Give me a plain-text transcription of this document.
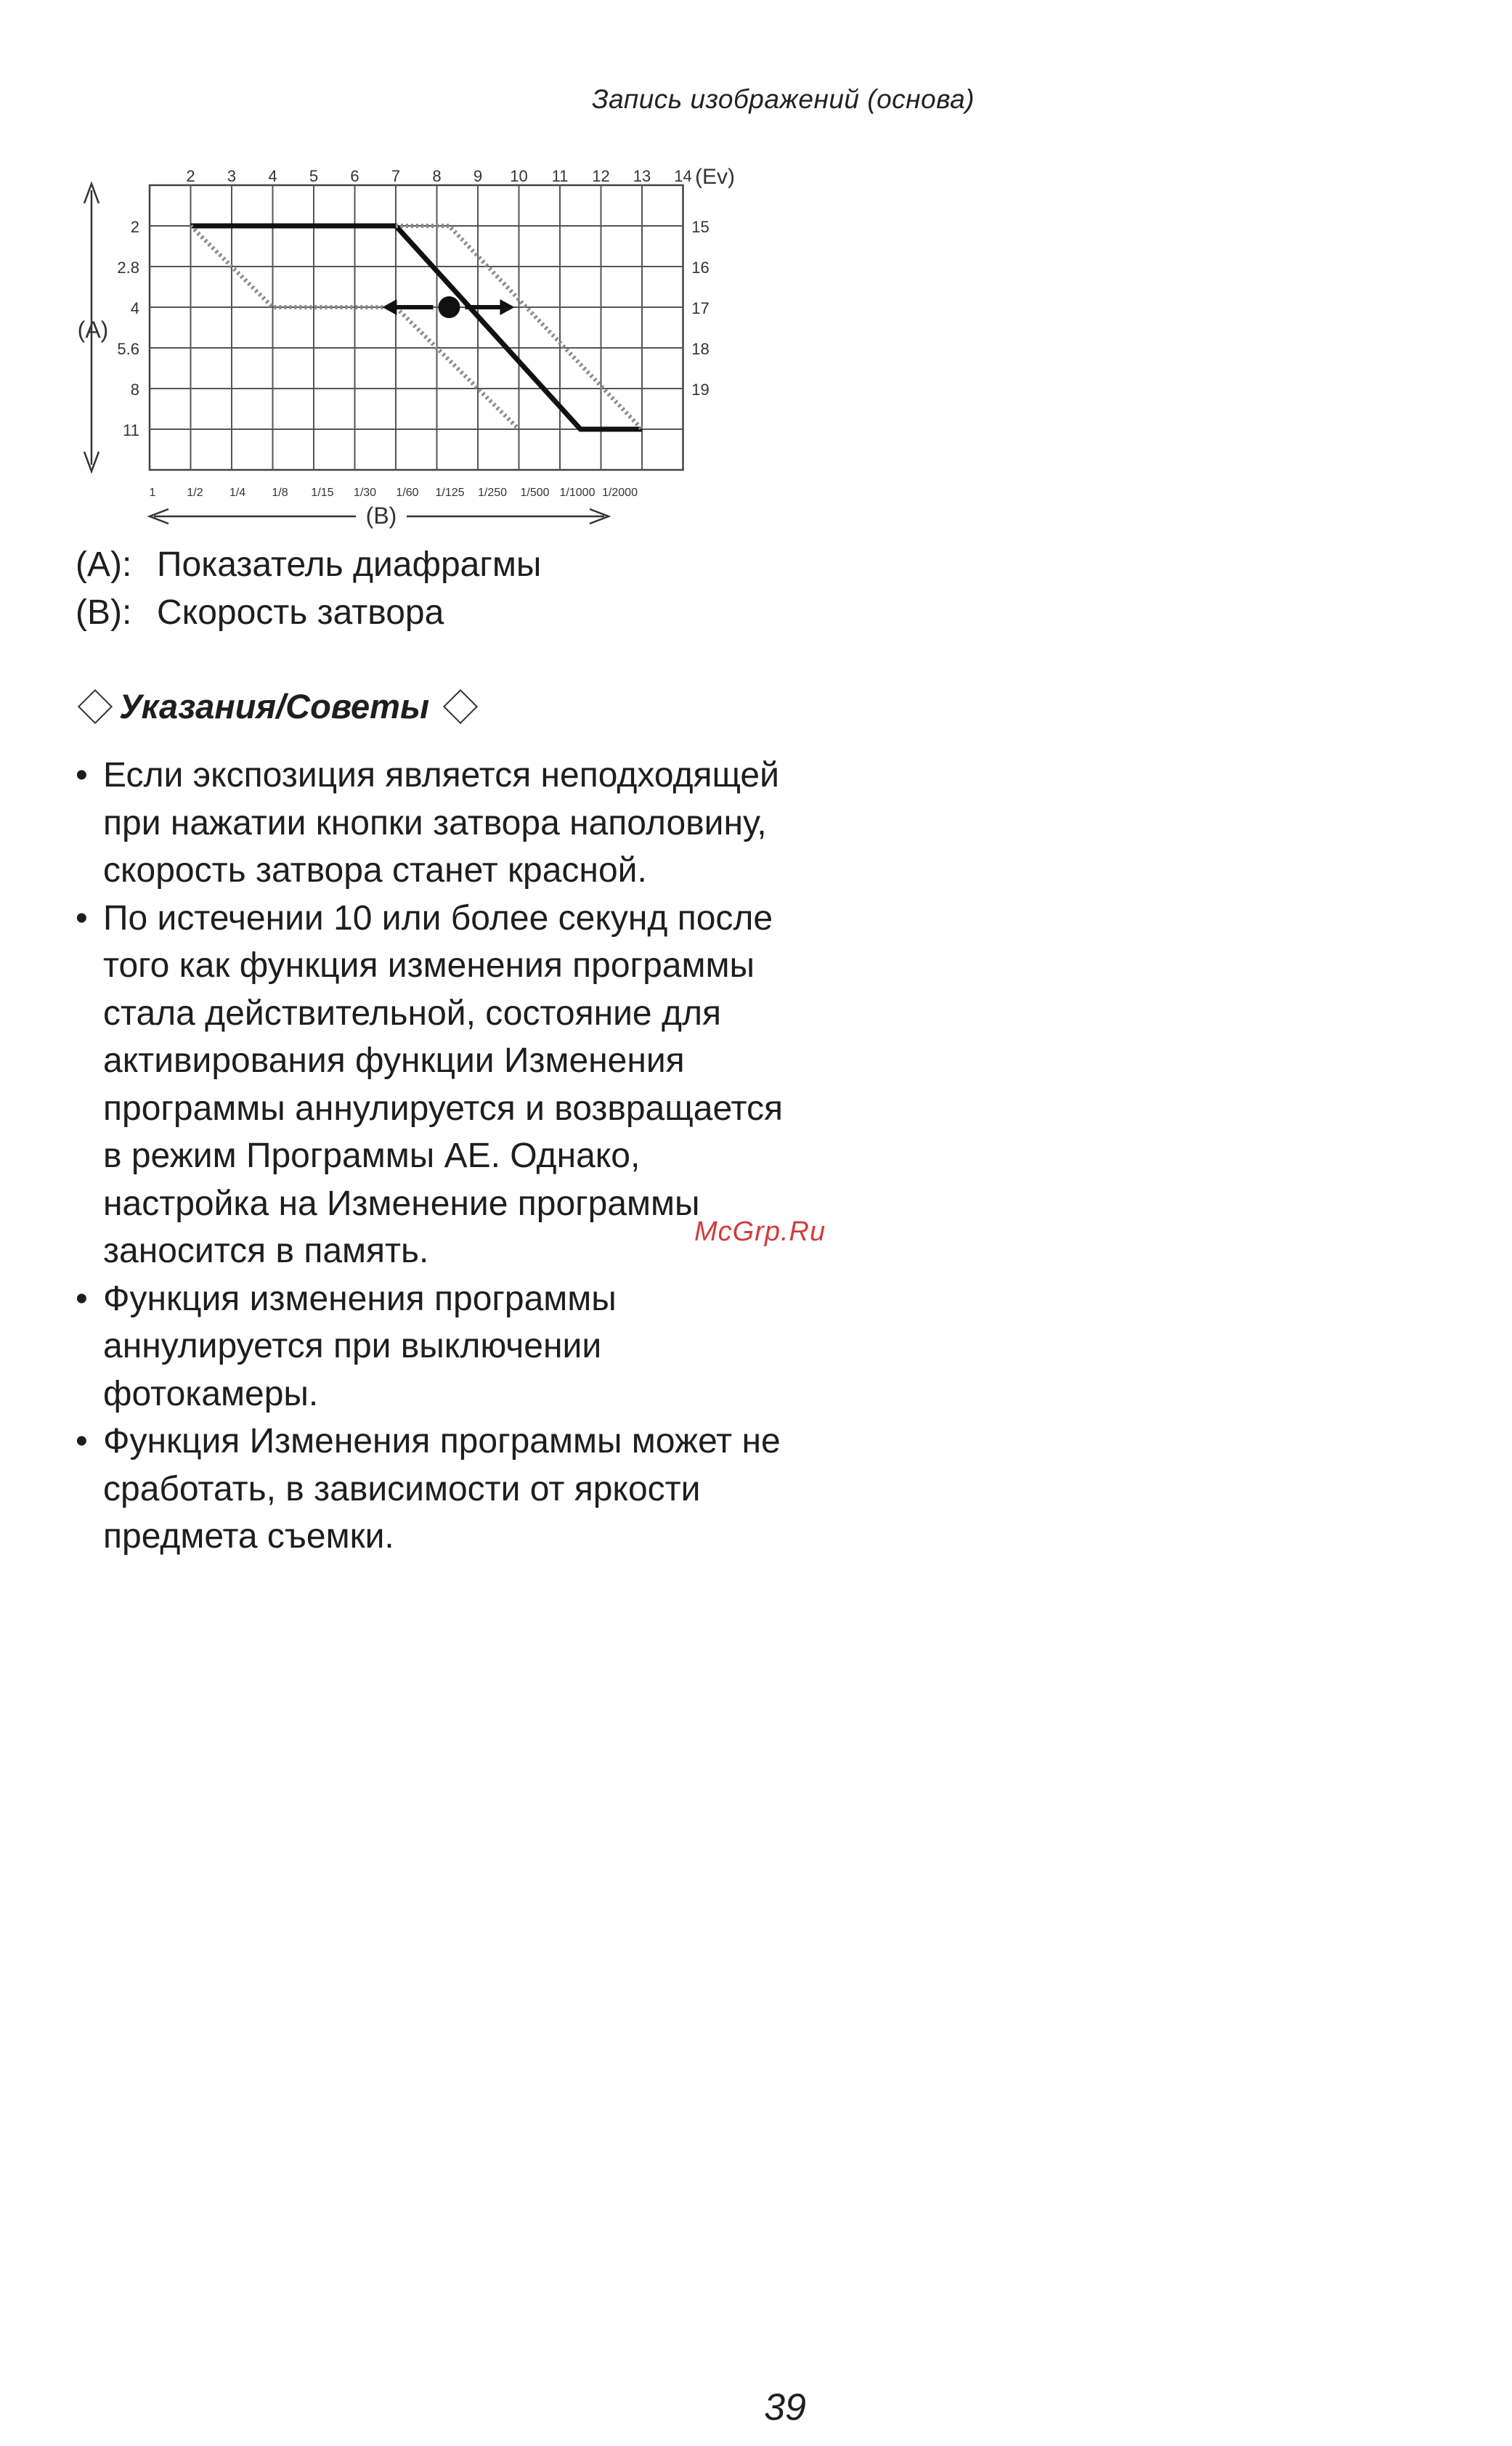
Запись изображений (основа)
2 3 4 5 6 7 8 9 10 11 12 13 14 (Ev)
2
2.8
4
5.6
8
11
(A)
15
16
17
18
19
1	1/2 1/4 1/8 1/15 1/30 1/60 1/125 1/250 1/500 1/1000 1/2000
(B)
(A): Показатель диафрагмы
(B): Скорость затвора
Указания/Советы
• Если экспозиция является неподходящей при нажатии кнопки затвора наполовину, скорость затвора станет красной.
• По истечении 10 или более секунд после того как функция изменения программы стала действительной, состояние для активирования функции Изменения программы аннулируется и возвращается в режим Программы АЕ. Однако, настройка на Изменение программы заносится в память.
• Функция изменения программы аннулируется при выключении фотокамеры.
• Функция Изменения программы может не сработать, в зависимости от яркости предмета съемки.
McGrp.Ru
39
